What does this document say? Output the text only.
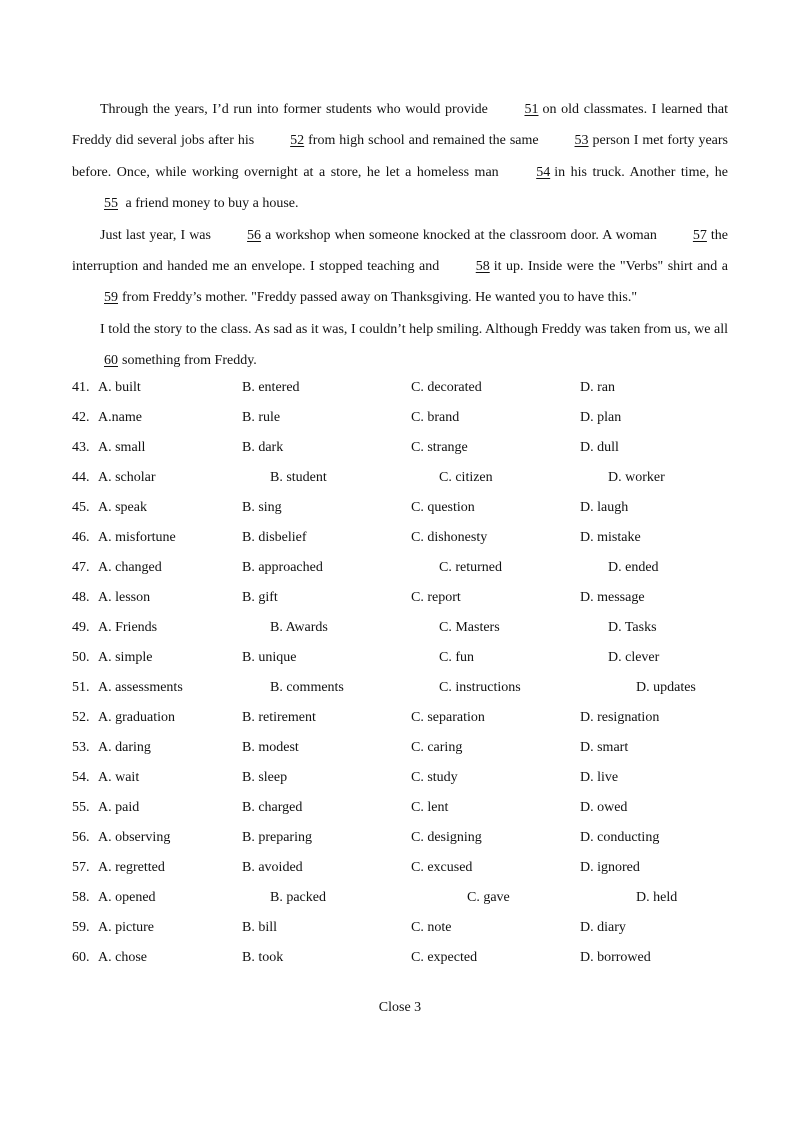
Through the years, I’d run into former students who would provide 51 on old classmates. I learned that Freddy did several jobs after his 52 from high school and remained the same 53 person I met forty years before. Once, while working overnight at a store, he let a homeless man 54 in his truck. Another time, he 55 a friend money to buy a house.

Just last year, I was 56 a workshop when someone knocked at the classroom door. A woman 57 the interruption and handed me an envelope. I stopped teaching and 58 it up. Inside were the "Verbs" shirt and a 59 from Freddy’s mother. "Freddy passed away on Thanksgiving. He wanted you to have this."

I told the story to the class. As sad as it was, I couldn’t help smiling. Although Freddy was taken from us, we all 60 something from Freddy.

41. A. built	B. entered	C. decorated	D. ran
42. A.name	B. rule	C. brand	D. plan
43. A. small	B. dark	C. strange	D. dull
44. A. scholar	B. student	C. citizen	D. worker
45. A. speak	B. sing	C. question	D. laugh
46. A. misfortune	B. disbelief	C. dishonesty	D. mistake
47. A. changed	B. approached	C. returned	D. ended
48. A. lesson	B. gift	C. report	D. message
49. A. Friends	B. Awards	C. Masters	D. Tasks
50. A. simple	B. unique	C. fun	D. clever
51. A. assessments	B. comments	C. instructions	D. updates
52. A. graduation	B. retirement	C. separation	D. resignation
53. A. daring	B. modest	C. caring	D. smart
54. A. wait	B. sleep	C. study	D. live
55. A. paid	B. charged	C. lent	D. owed
56. A. observing	B. preparing	C. designing	D. conducting
57. A. regretted	B. avoided	C. excused	D. ignored
58. A. opened	B. packed	C. gave	D. held
59. A. picture	B. bill	C. note	D. diary
60. A. chose	B. took	C. expected	D. borrowed
Close 3
